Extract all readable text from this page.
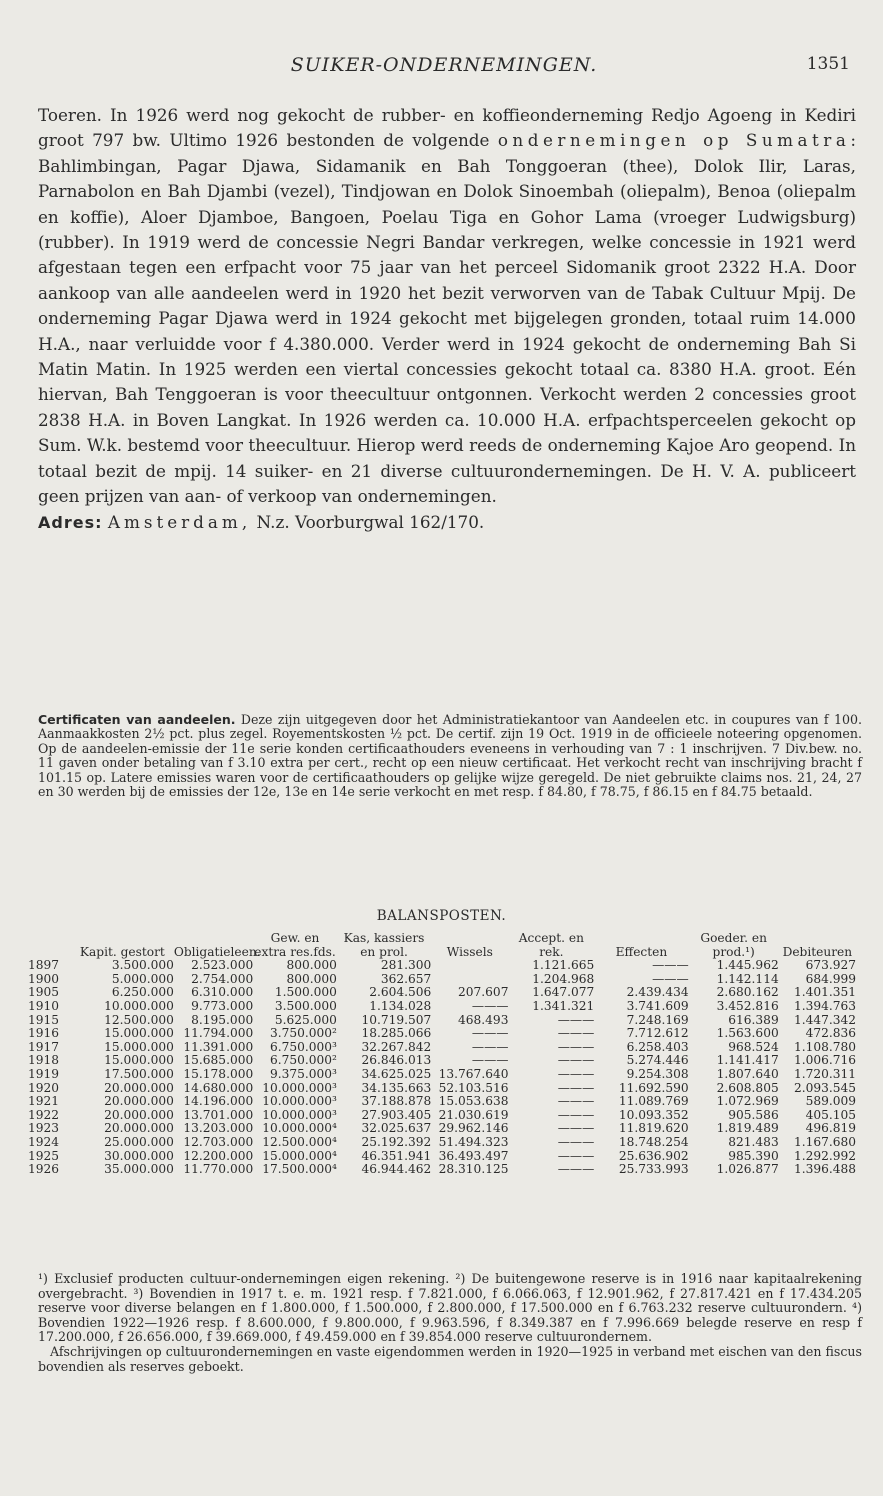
SUIKER-ONDERNEMINGEN.	1351

Toeren. In 1926 werd nog gekocht de rubber- en koffieonderneming Redjo Agoeng in Kediri groot 797 bw. Ultimo 1926 bestonden de volgende ondernemingen op Sumatra: Bahlimbingan, Pagar Djawa, Sidamanik en Bah Tonggoeran (thee), Dolok Ilir, Laras, Parnabolon en Bah Djambi (vezel), Tindjowan en Dolok Sinoembah (oliepalm), Benoa (oliepalm en koffie), Aloer Djamboe, Bangoen, Poelau Tiga en Gohor Lama (vroeger Ludwigsburg) (rubber). In 1919 werd de concessie Negri Bandar verkregen, welke concessie in 1921 werd afgestaan tegen een erfpacht voor 75 jaar van het perceel Sidomanik groot 2322 H.A. Door aankoop van alle aandeelen werd in 1920 het bezit verworven van de Tabak Cultuur Mpij. De onderneming Pagar Djawa werd in 1924 gekocht met bijgelegen gronden, totaal ruim 14.000 H.A., naar verluidde voor f 4.380.000. Verder werd in 1924 gekocht de onderneming Bah Si Matin Matin. In 1925 werden een viertal concessies gekocht totaal ca. 8380 H.A. groot. Eén hiervan, Bah Tenggoeran is voor theecultuur ontgonnen. Verkocht werden 2 concessies groot 2838 H.A. in Boven Langkat. In 1926 werden ca. 10.000 H.A. erfpachtsperceelen gekocht op Sum. W.k. bestemd voor theecultuur. Hierop werd reeds de onderneming Kajoe Aro geopend. In totaal bezit de mpij. 14 suiker- en 21 diverse cultuurondernemingen. De H. V. A. publiceert geen prijzen van aan- of verkoop van ondernemingen.

Adres: Amsterdam, N.z. Voorburgwal 162/170.

Certificaten van aandeelen. Deze zijn uitgegeven door het Administratiekantoor van Aandeelen etc. in coupures van f 100. Aanmaakkosten 2½ pct. plus zegel. Royementskosten ½ pct. De certif. zijn 19 Oct. 1919 in de officieele noteering opgenomen. Op de aandeelen-emissie der 11e serie konden certificaathouders eveneens in verhouding van 7 : 1 inschrijven. 7 Div.bew. no. 11 gaven onder betaling van f 3.10 extra per cert., recht op een nieuw certificaat. Het verkocht recht van inschrijving bracht f 101.15 op. Latere emissies waren voor de certificaathouders op gelijke wijze geregeld. De niet gebruikte claims nos. 21, 24, 27 en 30 werden bij de emissies der 12e, 13e en 14e serie verkocht en met resp. f 84.80, f 78.75, f 86.15 en f 84.75 betaald.

BALANSPOSTEN.
	Kapit. gestort	Obligatieleen.	Gew. en extra res.fds.	Kas, kassiers en prol.	Wissels	Accept. en rek.	Effecten	Goeder. en prod.¹)	Debiteuren
1897	3.500.000	2.523.000	800.000	281.300		1.121.665	———	1.445.962	673.927
1900	5.000.000	2.754.000	800.000	362.657		1.204.968	———	1.142.114	684.999
1905	6.250.000	6.310.000	1.500.000	2.604.506	207.607	1.647.077	2.439.434	2.680.162	1.401.351
1910	10.000.000	9.773.000	3.500.000	1.134.028	———	1.341.321	3.741.609	3.452.816	1.394.763
1915	12.500.000	8.195.000	5.625.000	10.719.507	468.493	———	7.248.169	616.389	1.447.342
1916	15.000.000	11.794.000	3.750.000²	18.285.066	———	———	7.712.612	1.563.600	472.836
1917	15.000.000	11.391.000	6.750.000³	32.267.842	———	———	6.258.403	968.524	1.108.780
1918	15.000.000	15.685.000	6.750.000²	26.846.013	———	———	5.274.446	1.141.417	1.006.716
1919	17.500.000	15.178.000	9.375.000³	34.625.025	13.767.640	———	9.254.308	1.807.640	1.720.311
1920	20.000.000	14.680.000	10.000.000³	34.135.663	52.103.516	———	11.692.590	2.608.805	2.093.545
1921	20.000.000	14.196.000	10.000.000³	37.188.878	15.053.638	———	11.089.769	1.072.969	589.009
1922	20.000.000	13.701.000	10.000.000³	27.903.405	21.030.619	———	10.093.352	905.586	405.105
1923	20.000.000	13.203.000	10.000.000⁴	32.025.637	29.962.146	———	11.819.620	1.819.489	496.819
1924	25.000.000	12.703.000	12.500.000⁴	25.192.392	51.494.323	———	18.748.254	821.483	1.167.680
1925	30.000.000	12.200.000	15.000.000⁴	46.351.941	36.493.497	———	25.636.902	985.390	1.292.992
1926	35.000.000	11.770.000	17.500.000⁴	46.944.462	28.310.125	———	25.733.993	1.026.877	1.396.488

¹) Exclusief producten cultuur-ondernemingen eigen rekening. ²) De buitengewone reserve is in 1916 naar kapitaalrekening overgebracht. ³) Bovendien in 1917 t. e. m. 1921 resp. f 7.821.000, f 6.066.063, f 12.901.962, f 27.817.421 en f 17.434.205 reserve voor diverse belangen en f 1.800.000, f 1.500.000, f 2.800.000, f 17.500.000 en f 6.763.232 reserve cultuurondern. ⁴) Bovendien 1922—1926 resp. f 8.600.000, f 9.800.000, f 9.963.596, f 8.349.387 en f 7.996.669 belegde reserve en resp f 17.200.000, f 26.656.000, f 39.669.000, f 49.459.000 en f 39.854.000 reserve cultuurondernem.

Afschrijvingen op cultuurondernemingen en vaste eigendommen werden in 1920—1925 in verband met eischen van den fiscus bovendien als reserves geboekt.
